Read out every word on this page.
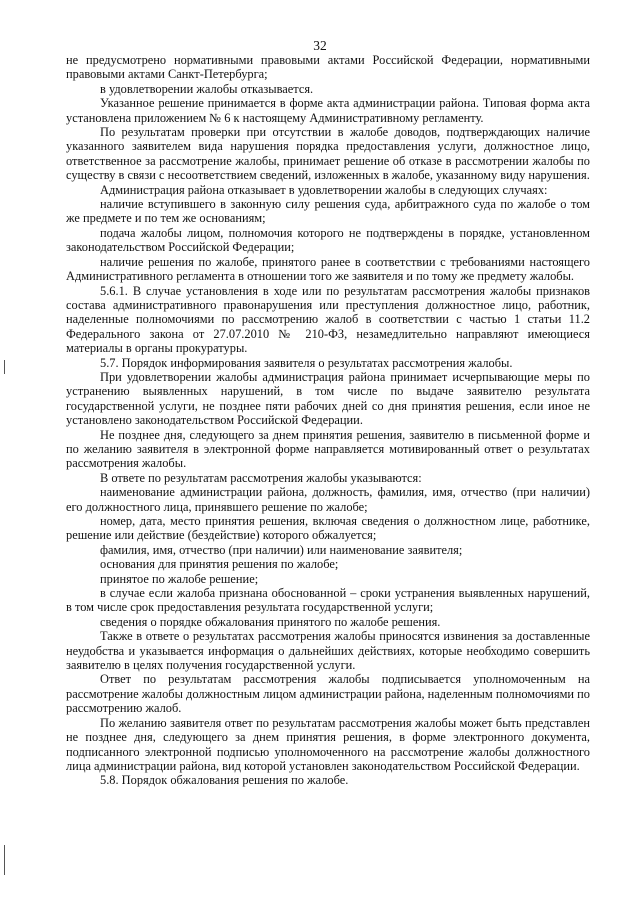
32

не предусмотрено нормативными правовыми актами Российской Федерации, нормативными правовыми актами Санкт-Петербурга;

в удовлетворении жалобы отказывается.

Указанное решение принимается в форме акта администрации района. Типовая форма акта установлена приложением № 6 к настоящему Административному регламенту.

По результатам проверки при отсутствии в жалобе доводов, подтверждающих наличие указанного заявителем вида нарушения порядка предоставления услуги, должностное лицо, ответственное за рассмотрение жалобы, принимает решение об отказе в рассмотрении жалобы по существу в связи с несоответствием сведений, изложенных в жалобе, указанному виду нарушения.

Администрация района отказывает в удовлетворении жалобы в следующих случаях:

наличие вступившего в законную силу решения суда, арбитражного суда по жалобе о том же предмете и по тем же основаниям;

подача жалобы лицом, полномочия которого не подтверждены в порядке, установленном законодательством Российской Федерации;

наличие решения по жалобе, принятого ранее в соответствии с требованиями настоящего Административного регламента в отношении того же заявителя и по тому же предмету жалобы.

5.6.1. В случае установления в ходе или по результатам рассмотрения жалобы признаков состава административного правонарушения или преступления должностное лицо, работник, наделенные полномочиями по рассмотрению жалоб в соответствии с частью 1 статьи 11.2 Федерального закона от 27.07.2010 № 210-ФЗ, незамедлительно направляют имеющиеся материалы в органы прокуратуры.

5.7. Порядок информирования заявителя о результатах рассмотрения жалобы.

При удовлетворении жалобы администрация района принимает исчерпывающие меры по устранению выявленных нарушений, в том числе по выдаче заявителю результата государственной услуги, не позднее пяти рабочих дней со дня принятия решения, если иное не установлено законодательством Российской Федерации.

Не позднее дня, следующего за днем принятия решения, заявителю в письменной форме и по желанию заявителя в электронной форме направляется мотивированный ответ о результатах рассмотрения жалобы.

В ответе по результатам рассмотрения жалобы указываются:

наименование администрации района, должность, фамилия, имя, отчество (при наличии) его должностного лица, принявшего решение по жалобе;

номер, дата, место принятия решения, включая сведения о должностном лице, работнике, решение или действие (бездействие) которого обжалуется;

фамилия, имя, отчество (при наличии) или наименование заявителя;

основания для принятия решения по жалобе;

принятое по жалобе решение;

в случае если жалоба признана обоснованной – сроки устранения выявленных нарушений, в том числе срок предоставления результата государственной услуги;

сведения о порядке обжалования принятого по жалобе решения.

Также в ответе о результатах рассмотрения жалобы приносятся извинения за доставленные неудобства и указывается информация о дальнейших действиях, которые необходимо совершить заявителю в целях получения государственной услуги.

Ответ по результатам рассмотрения жалобы подписывается уполномоченным на рассмотрение жалобы должностным лицом администрации района, наделенным полномочиями по рассмотрению жалоб.

По желанию заявителя ответ по результатам рассмотрения жалобы может быть представлен не позднее дня, следующего за днем принятия решения, в форме электронного документа, подписанного электронной подписью уполномоченного на рассмотрение жалобы должностного лица администрации района, вид которой установлен законодательством Российской Федерации.

5.8. Порядок обжалования решения по жалобе.
